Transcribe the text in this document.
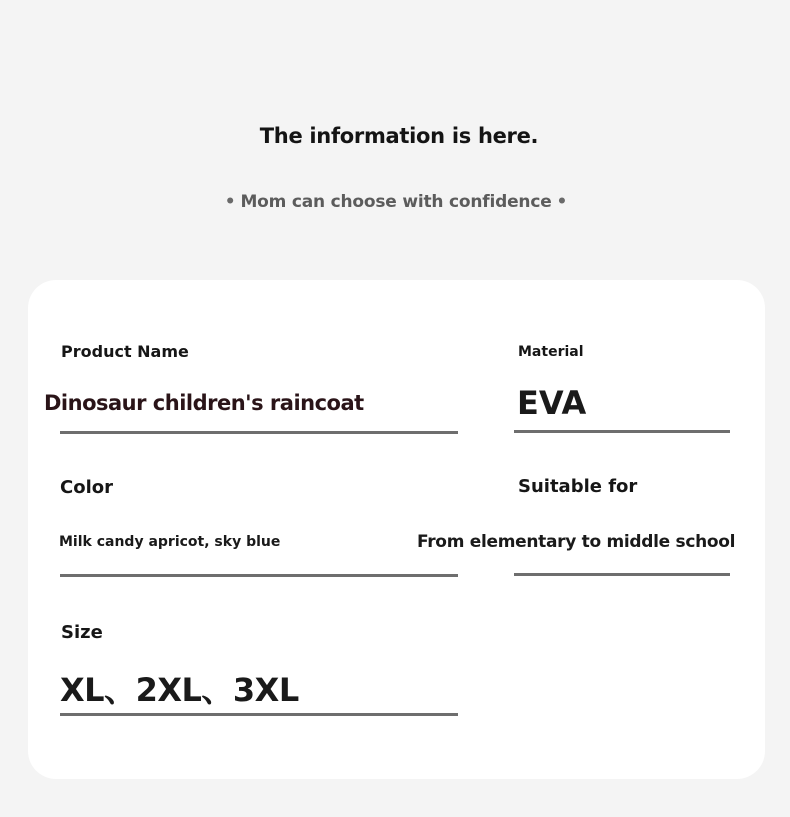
The information is here.
• Mom can choose with confidence •
Product Name
Dinosaur children's raincoat
Material
EVA
Color
Milk candy apricot, sky blue
Suitable for
From elementary to middle school
Size
XL、2XL、3XL
